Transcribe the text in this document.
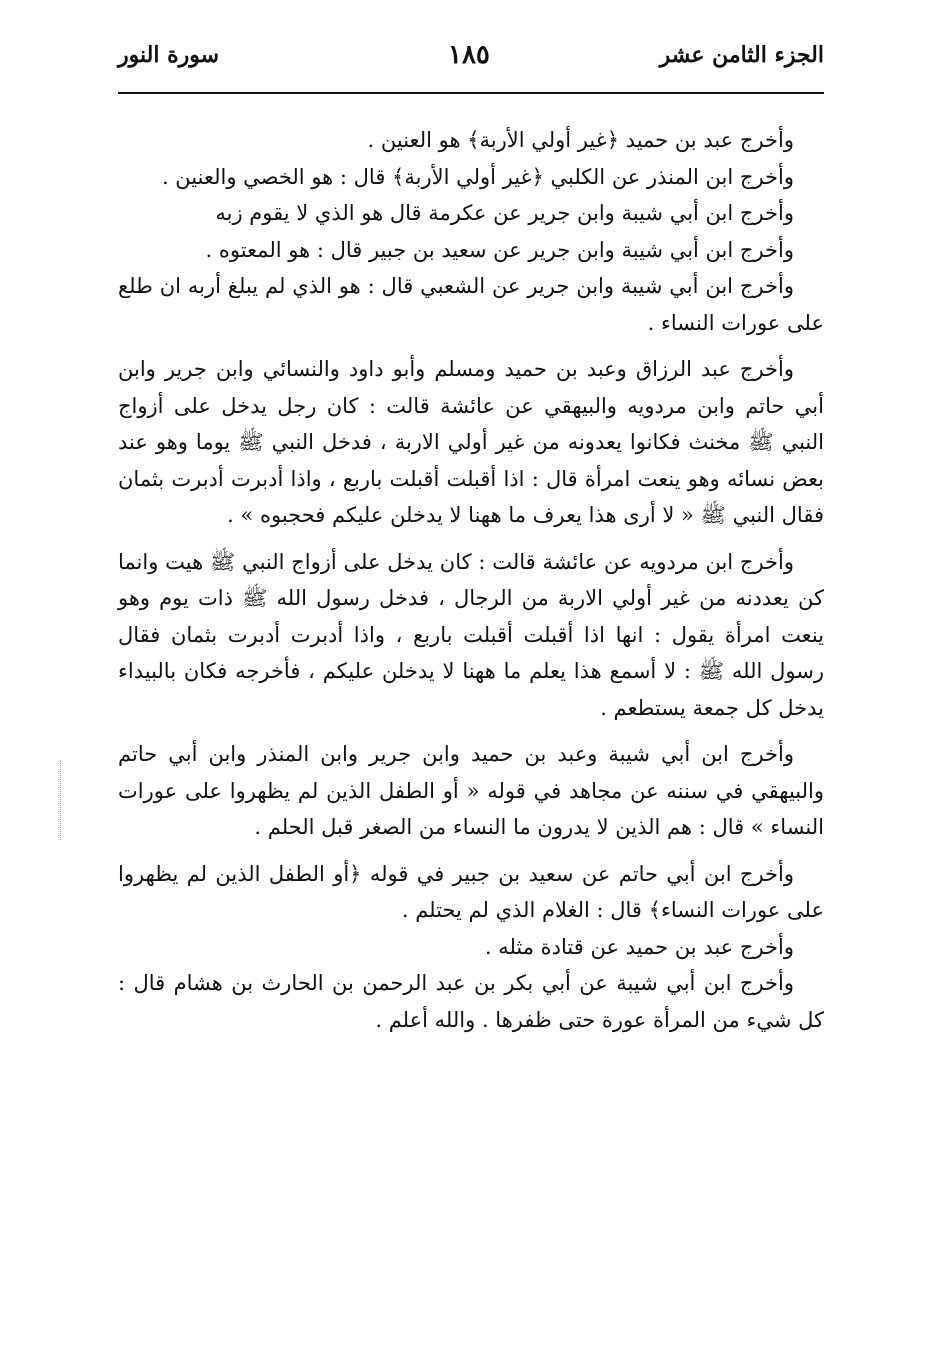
الجزء الثامن عشر
١٨٥
سورة النور

وأخرج عبد بن حميد ﴿غير أولي الأربة﴾ هو العنين .

وأخرج ابن المنذر عن الكلبي ﴿غير أولي الأربة﴾ قال : هو الخصي والعنين .

وأخرج ابن أبي شيبة وابن جرير عن عكرمة قال هو الذي لا يقوم زبه

وأخرج ابن أبي شيبة وابن جرير عن سعيد بن جبير قال : هو المعتوه .

وأخرج ابن أبي شيبة وابن جرير عن الشعبي قال : هو الذي لم يبلغ أربه ان طلع على عورات النساء .

وأخرج عبد الرزاق وعبد بن حميد ومسلم وأبو داود والنسائي وابن جرير وابن أبي حاتم وابن مردويه والبيهقي عن عائشة قالت : كان رجل يدخل على أزواج النبي ﷺ مخنث فكانوا يعدونه من غير أولي الاربة ، فدخل النبي ﷺ يوما وهو عند بعض نسائه وهو ينعت امرأة قال : اذا أقبلت أقبلت باربع ، واذا أدبرت أدبرت بثمان فقال النبي ﷺ « لا أرى هذا يعرف ما ههنا لا يدخلن عليكم فحجبوه » .

وأخرج ابن مردويه عن عائشة قالت : كان يدخل على أزواج النبي ﷺ هيت وانما كن يعددنه من غير أولي الاربة من الرجال ، فدخل رسول الله ﷺ ذات يوم وهو ينعت امرأة يقول : انها اذا أقبلت أقبلت باربع ، واذا أدبرت أدبرت بثمان فقال رسول الله ﷺ : لا أسمع هذا يعلم ما ههنا لا يدخلن عليكم ، فأخرجه فكان بالبيداء يدخل كل جمعة يستطعم .

وأخرج ابن أبي شيبة وعبد بن حميد وابن جرير وابن المنذر وابن أبي حاتم والبيهقي في سننه عن مجاهد في قوله « أو الطفل الذين لم يظهروا على عورات النساء » قال : هم الذين لا يدرون ما النساء من الصغر قبل الحلم .

وأخرج ابن أبي حاتم عن سعيد بن جبير في قوله ﴿أو الطفل الذين لم يظهروا على عورات النساء﴾ قال : الغلام الذي لم يحتلم .

وأخرج عبد بن حميد عن قتادة مثله .

وأخرج ابن أبي شيبة عن أبي بكر بن عبد الرحمن بن الحارث بن هشام قال : كل شيء من المرأة عورة حتى ظفرها . والله أعلم .
